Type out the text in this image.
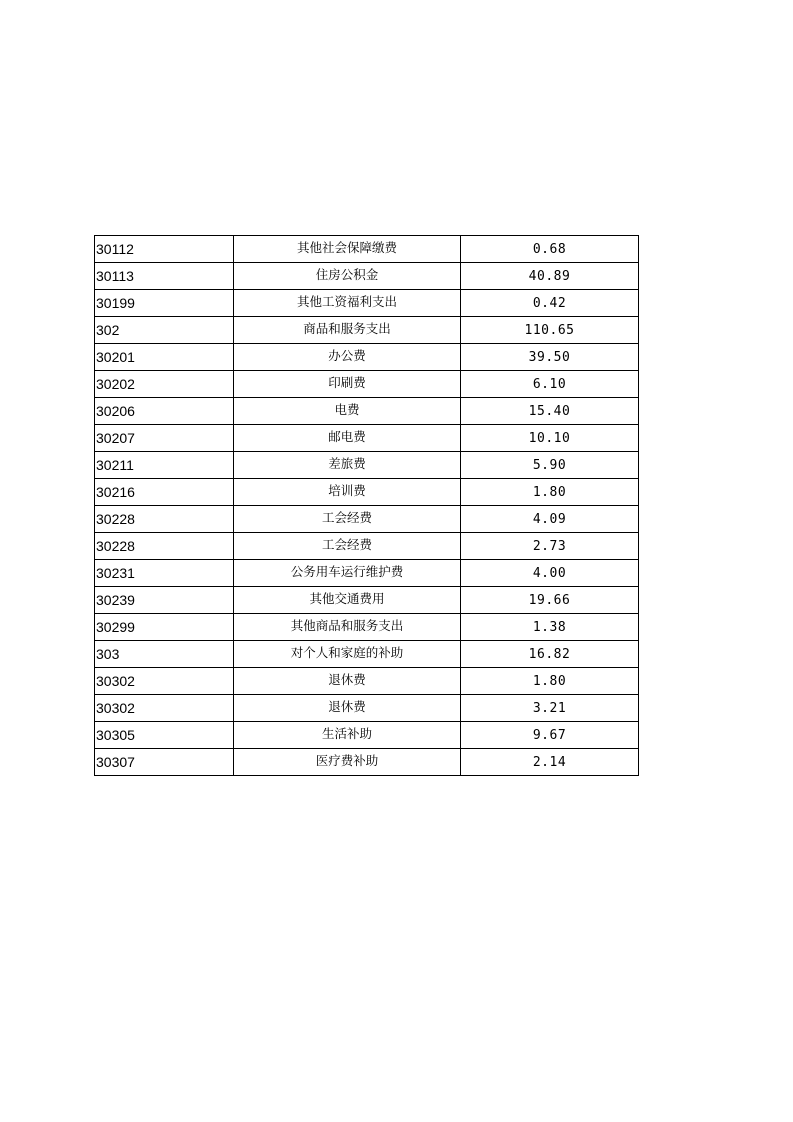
30112	其他社会保障缴费	0.68
30113	住房公积金	40.89
30199	其他工资福利支出	0.42
302	商品和服务支出	110.65
30201	办公费	39.50
30202	印刷费	6.10
30206	电费	15.40
30207	邮电费	10.10
30211	差旅费	5.90
30216	培训费	1.80
30228	工会经费	4.09
30228	工会经费	2.73
30231	公务用车运行维护费	4.00
30239	其他交通费用	19.66
30299	其他商品和服务支出	1.38
303	对个人和家庭的补助	16.82
30302	退休费	1.80
30302	退休费	3.21
30305	生活补助	9.67
30307	医疗费补助	2.14
